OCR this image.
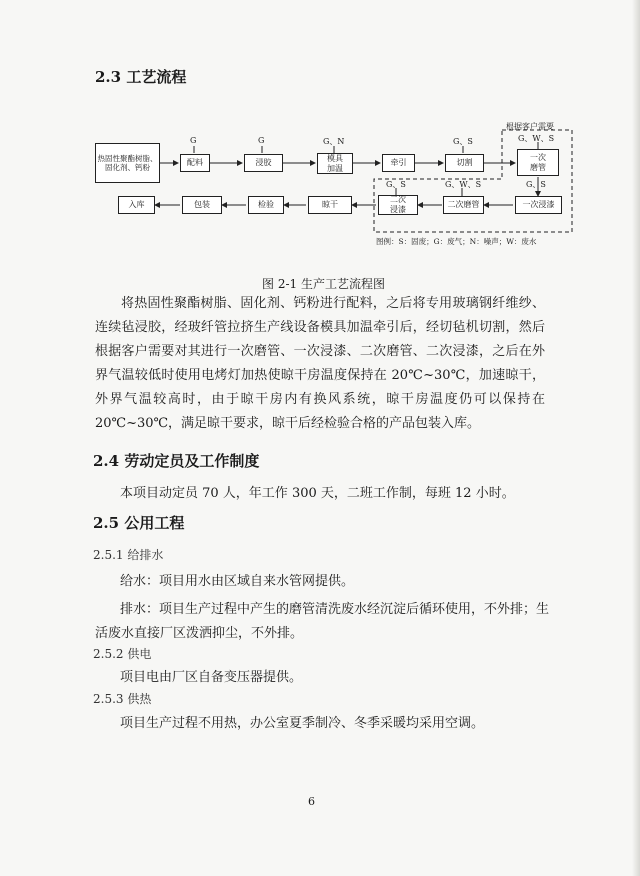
2.3 工艺流程
热固性聚酯树脂、固化剂、钙粉
配料	浸胶	模具加温
牵引	切割
一次磨管
一次浸漆
二次磨管
二次浸漆
晾干
检验
包装
入库
G	G	G、N	G、S	G、W、S
G、S
G、W、S
G、S
根据客户需要
图例：S：固废；G：废气；N：噪声；W：废水
图 2-1 生产工艺流程图

将热固性聚酯树脂、固化剂、钙粉进行配料，之后将专用玻璃钢纤维纱、连续毡浸胶，经玻纤管拉挤生产线设备模具加温牵引后，经切毡机切割，然后根据客户需要对其进行一次磨管、一次浸漆、二次磨管、二次浸漆，之后在外界气温较低时使用电烤灯加热使晾干房温度保持在 20℃~30℃，加速晾干，外界气温较高时，由于晾干房内有换风系统，晾干房温度仍可以保持在 20℃~30℃，满足晾干要求，晾干后经检验合格的产品包装入库。

2.4 劳动定员及工作制度
本项目动定员 70 人，年工作 300 天，二班工作制，每班 12 小时。
2.5 公用工程
2.5.1 给排水
给水：项目用水由区域自来水管网提供。
排水：项目生产过程中产生的磨管清洗废水经沉淀后循环使用，不外排；生
活废水直接厂区泼洒抑尘，不外排。
2.5.2 供电
项目电由厂区自备变压器提供。
2.5.3 供热
项目生产过程不用热，办公室夏季制冷、冬季采暖均采用空调。
6
